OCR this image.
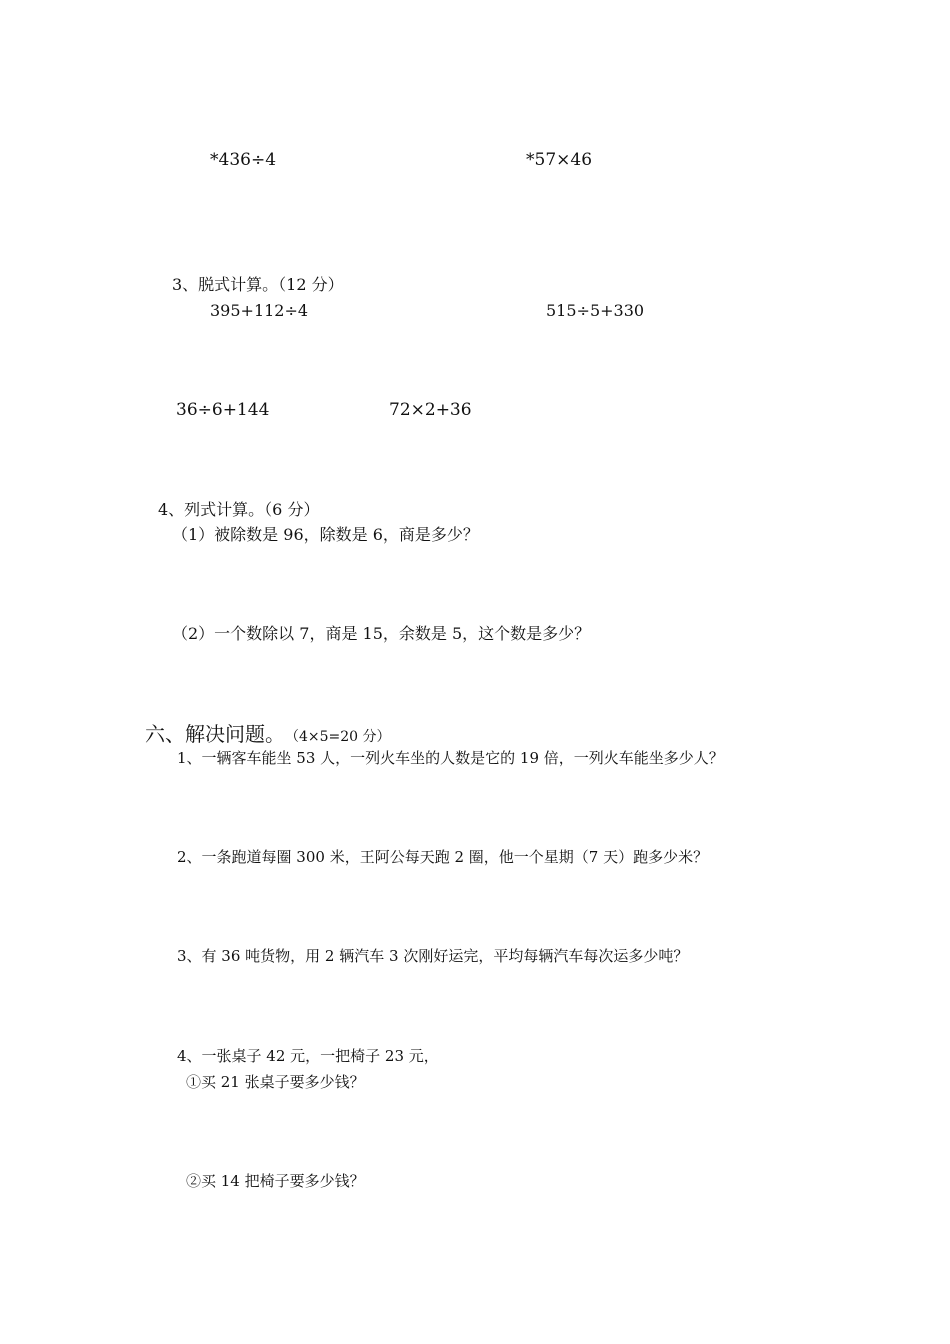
*436÷4	*57×46
3、脱式计算。（12 分）
395+112÷4	515÷5+330
36÷6+144	72×2+36
4、列式计算。（6 分）
（1）被除数是 96，除数是 6，商是多少？
（2）一个数除以 7，商是 15，余数是 5，这个数是多少？
六、解决问题。 （4×5=20 分）
1、一辆客车能坐 53 人，一列火车坐的人数是它的 19 倍，一列火车能坐多少人？
2、一条跑道每圈 300 米，王阿公每天跑 2 圈，他一个星期（7 天）跑多少米？
3、有 36 吨货物，用 2 辆汽车 3 次刚好运完，平均每辆汽车每次运多少吨？
4、一张桌子 42 元，一把椅子 23 元，
①买 21 张桌子要多少钱？
②买 14 把椅子要多少钱？
